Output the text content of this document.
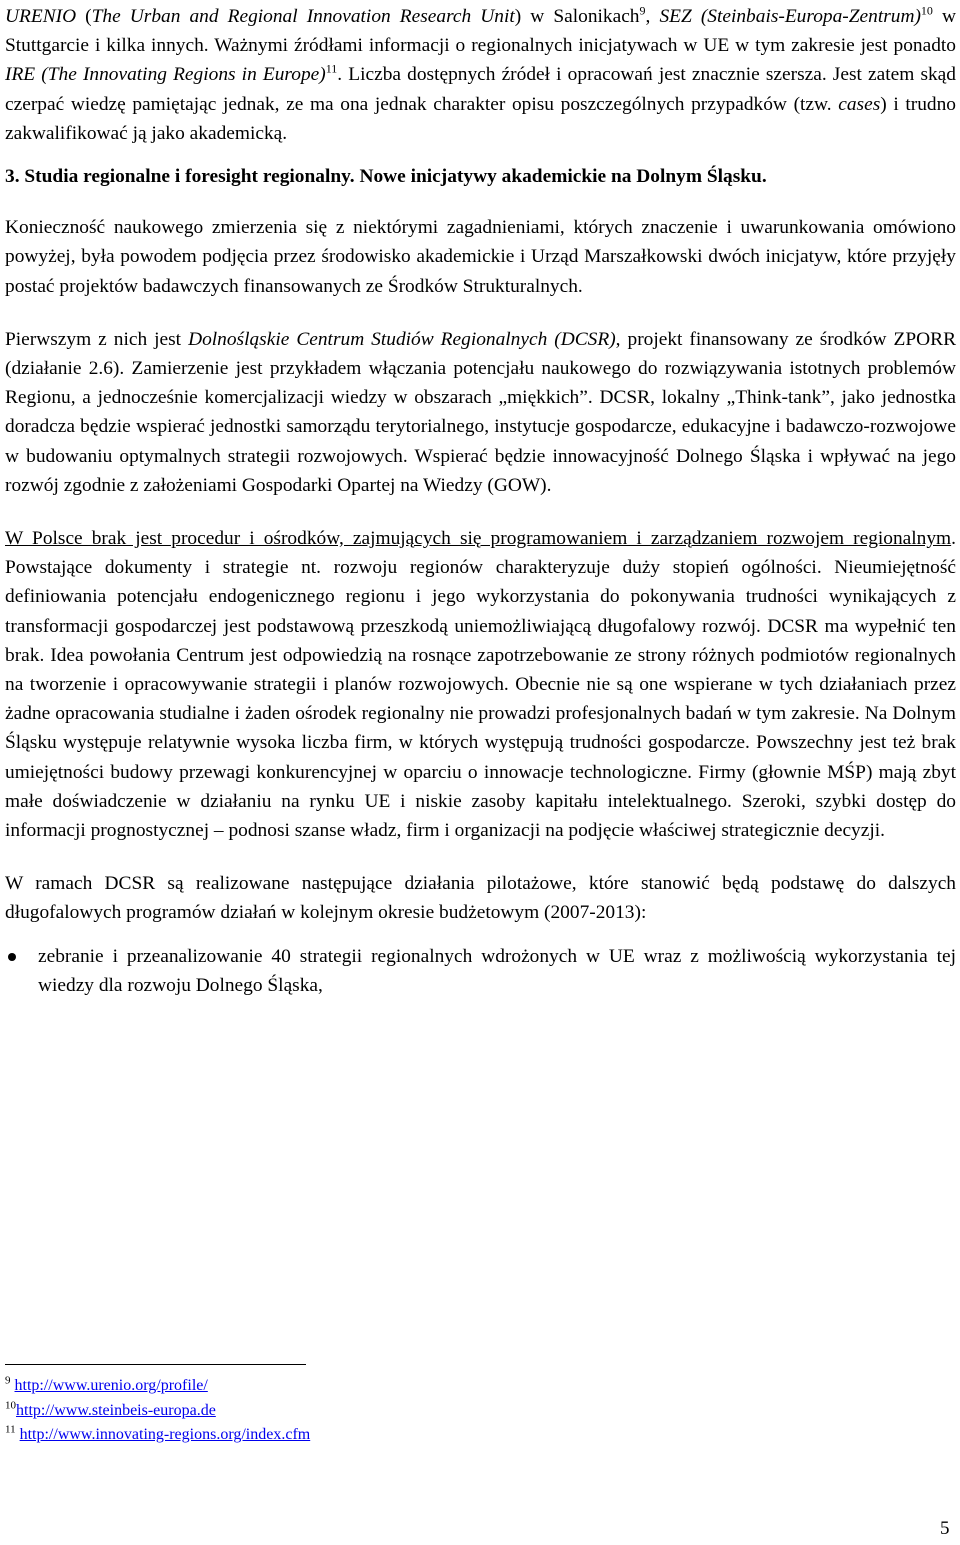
URENIO (The Urban and Regional Innovation Research Unit) w Salonikach$^9$, SEZ (Steinbais-Europa-Zentrum)$^{10}$ w Stuttgarcie i kilka innych. Ważnymi źródłami informacji o regionalnych inicjatywach w UE w tym zakresie jest ponadto IRE (The Innovating Regions in Europe)$^{11}$. Liczba dostępnych źródeł i opracowań jest znacznie szersza. Jest zatem skąd czerpać wiedzę pamiętając jednak, ze ma ona jednak charakter opisu poszczególnych przypadków (tzw. cases) i trudno zakwalifikować ją jako akademicką.

3. Studia regionalne i foresight regionalny. Nowe inicjatywy akademickie na Dolnym Śląsku.

Konieczność naukowego zmierzenia się z niektórymi zagadnieniami, których znaczenie i uwarunkowania omówiono powyżej, była powodem podjęcia przez środowisko akademickie i Urząd Marszałkowski dwóch inicjatyw, które przyjęły postać projektów badawczych finansowanych ze Środków Strukturalnych.

Pierwszym z nich jest Dolnośląskie Centrum Studiów Regionalnych (DCSR), projekt finansowany ze środków ZPORR (działanie 2.6). Zamierzenie jest przykładem włączania potencjału naukowego do rozwiązywania istotnych problemów Regionu, a jednocześnie komercjalizacji wiedzy w obszarach „miękkich”. DCSR, lokalny „Think-tank”, jako jednostka doradcza będzie wspierać jednostki samorządu terytorialnego, instytucje gospodarcze, edukacyjne i badawczo-rozwojowe w budowaniu optymalnych strategii rozwojowych. Wspierać będzie innowacyjność Dolnego Śląska i wpływać na jego rozwój zgodnie z założeniami Gospodarki Opartej na Wiedzy (GOW).

W Polsce brak jest procedur i ośrodków, zajmujących się programowaniem i zarządzaniem rozwojem regionalnym. Powstające dokumenty i strategie nt. rozwoju regionów charakteryzuje duży stopień ogólności. Nieumiejętność definiowania potencjału endogenicznego regionu i jego wykorzystania do pokonywania trudności wynikających z transformacji gospodarczej jest podstawową przeszkodą uniemożliwiającą długofalowy rozwój. DCSR ma wypełnić ten brak. Idea powołania Centrum jest odpowiedzią na rosnące zapotrzebowanie ze strony różnych podmiotów regionalnych na tworzenie i opracowywanie strategii i planów rozwojowych. Obecnie nie są one wspierane w tych działaniach przez żadne opracowania studialne i żaden ośrodek regionalny nie prowadzi profesjonalnych badań w tym zakresie. Na Dolnym Śląsku występuje relatywnie wysoka liczba firm, w których występują trudności gospodarcze. Powszechny jest też brak umiejętności budowy przewagi konkurencyjnej w oparciu o innowacje technologiczne. Firmy (głownie MŚP) mają zbyt małe doświadczenie w działaniu na rynku UE i niskie zasoby kapitału intelektualnego. Szeroki, szybki dostęp do informacji prognostycznej – podnosi szanse władz, firm i organizacji na podjęcie właściwej strategicznie decyzji.

W ramach DCSR są realizowane następujące działania pilotażowe, które stanowić będą podstawę do dalszych długofalowych programów działań w kolejnym okresie budżetowym (2007-2013):

zebranie i przeanalizowanie 40 strategii regionalnych wdrożonych w UE wraz z możliwością wykorzystania tej wiedzy dla rozwoju Dolnego Śląska,
$^9$ http://www.urenio.org/profile/
$^{10}$http://www.steinbeis-europa.de
$^{11}$ http://www.innovating-regions.org/index.cfm
5
